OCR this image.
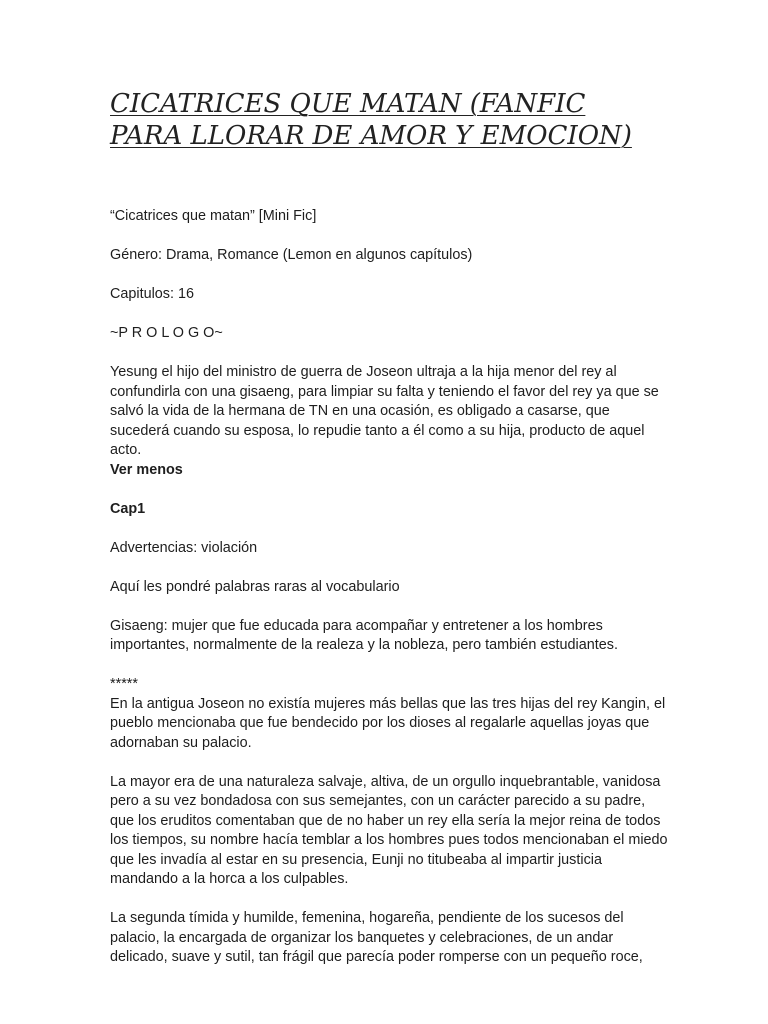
CICATRICES QUE MATAN (FANFIC
PARA LLORAR DE AMOR Y EMOCION)

“Cicatrices que matan” [Mini Fic]

Género: Drama, Romance (Lemon en algunos capítulos)

Capitulos: 16

~P R O L O G O~

Yesung el hijo del ministro de guerra de Joseon ultraja a la hija menor del rey al confundirla con una gisaeng, para limpiar su falta y teniendo el favor del rey ya que se salvó la vida de la hermana de TN en una ocasión, es obligado a casarse, que sucederá cuando su esposa, lo repudie tanto a él como a su hija, producto de aquel acto.

Ver menos

Cap1

Advertencias: violación

Aquí les pondré palabras raras al vocabulario

Gisaeng: mujer que fue educada para acompañar y entretener a los hombres importantes, normalmente de la realeza y la nobleza, pero también estudiantes.

*****

En la antigua Joseon no existía mujeres más bellas que las tres hijas del rey Kangin, el pueblo mencionaba que fue bendecido por los dioses al regalarle aquellas joyas que adornaban su palacio.

La mayor era de una naturaleza salvaje, altiva, de un orgullo inquebrantable, vanidosa pero a su vez bondadosa con sus semejantes, con un carácter parecido a su padre, que los eruditos comentaban que de no haber un rey ella sería la mejor reina de todos los tiempos, su nombre hacía temblar a los hombres pues todos mencionaban el miedo que les invadía al estar en su presencia, Eunji no titubeaba al impartir justicia mandando a la horca a los culpables.

La segunda tímida y humilde, femenina, hogareña, pendiente de los sucesos del palacio, la encargada de organizar los banquetes y celebraciones, de un andar delicado, suave y sutil, tan frágil que parecía poder romperse con un pequeño roce,
